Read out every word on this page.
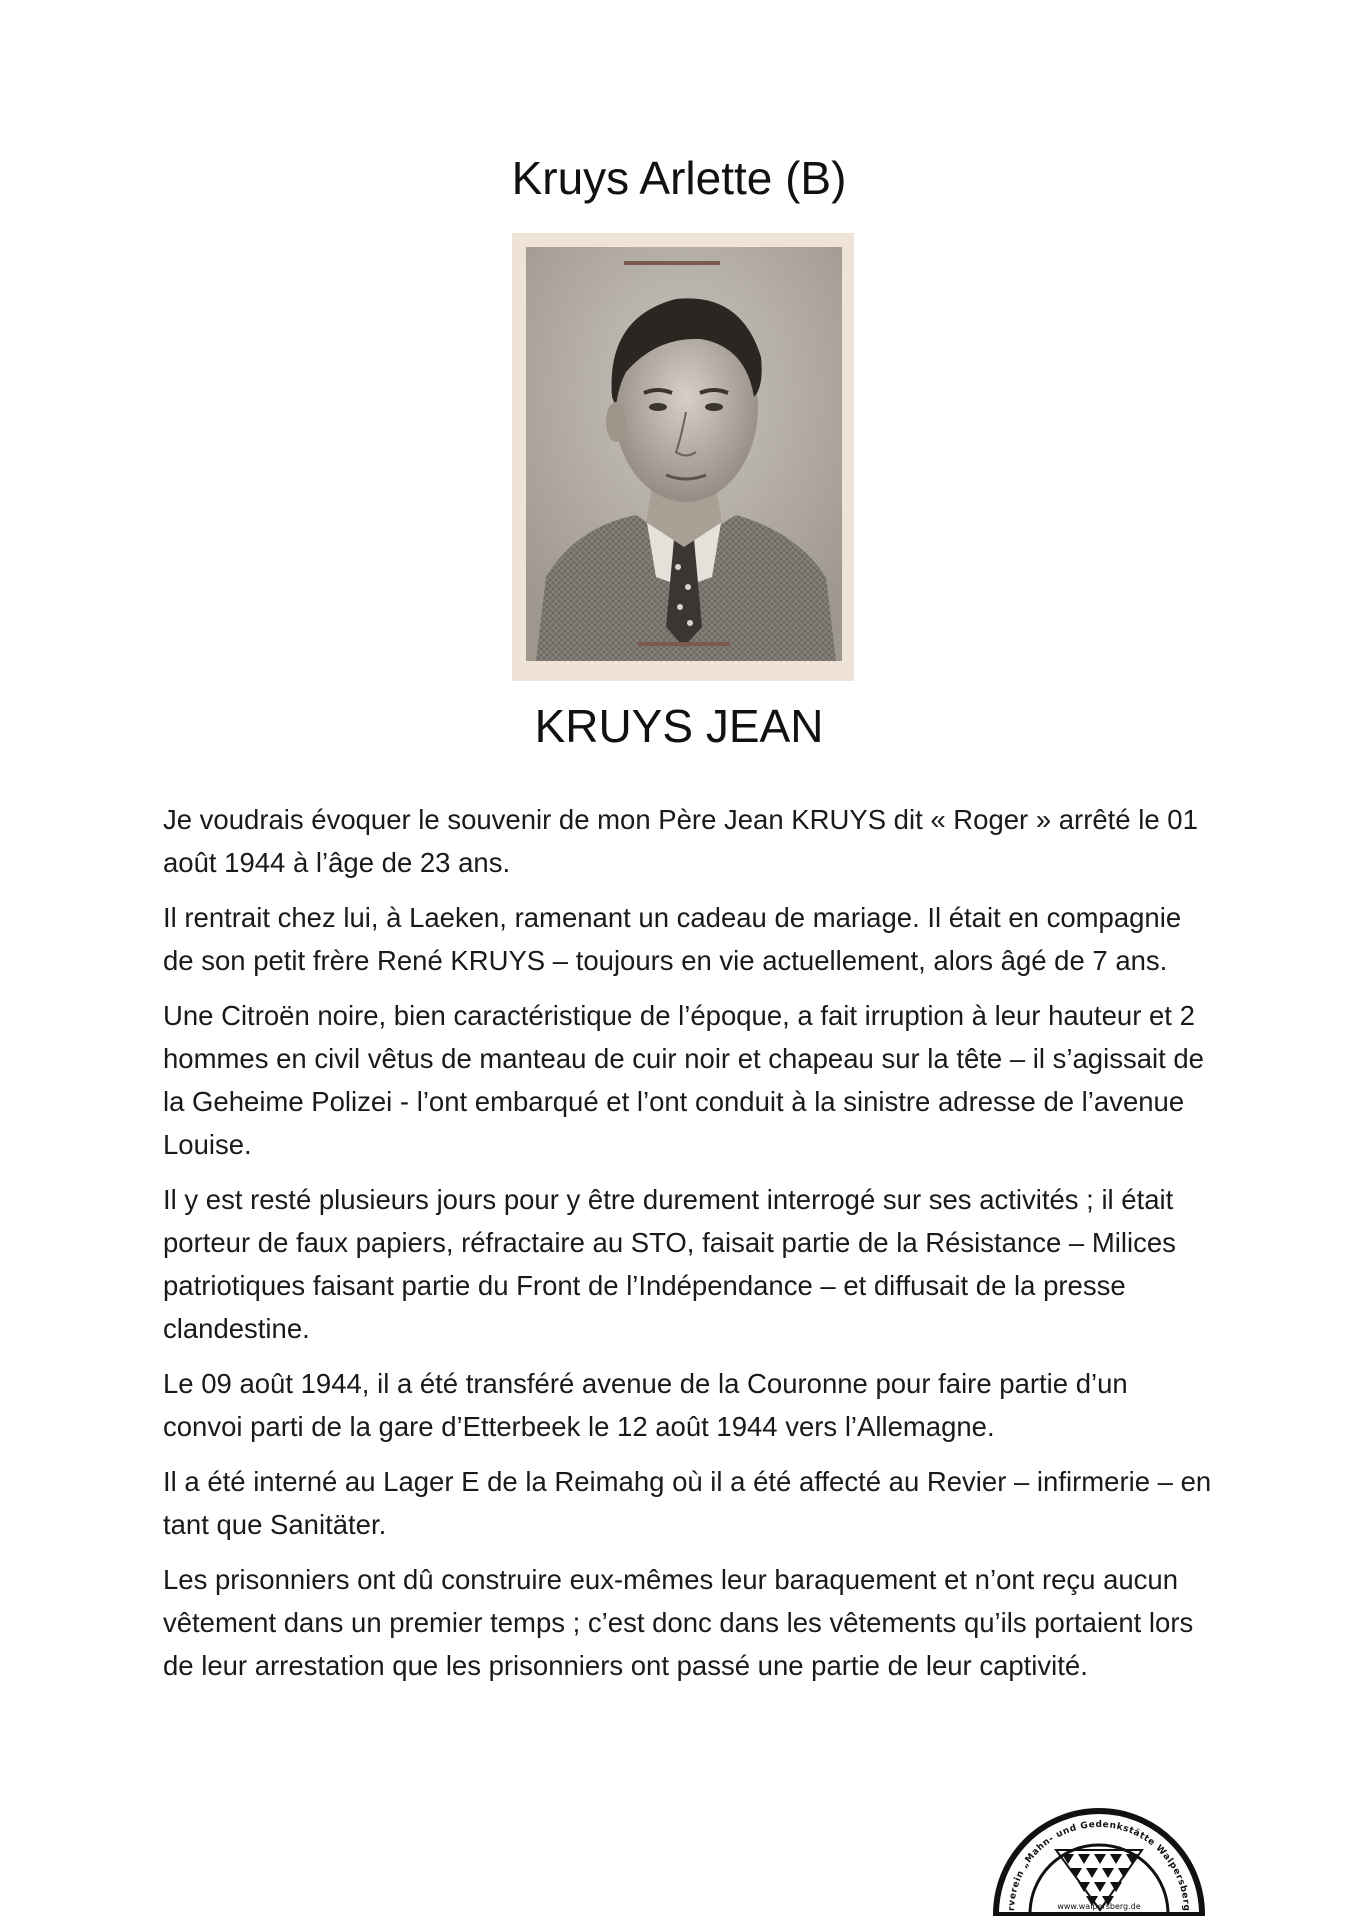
Kruys Arlette (B)
KRUYS JEAN

Je voudrais évoquer le souvenir de mon Père Jean KRUYS dit « Roger » arrêté le 01 août 1944 à l’âge de 23 ans.

Il rentrait chez lui, à Laeken, ramenant un cadeau de mariage. Il était en compagnie de son petit frère René KRUYS – toujours en vie actuellement, alors âgé de 7 ans.

Une Citroën noire, bien caractéristique de l’époque, a fait irruption à leur hauteur et 2 hommes en civil vêtus de manteau de cuir noir et chapeau sur la tête – il s’agissait de la Geheime Polizei - l’ont embarqué et l’ont conduit à la sinistre adresse de l’avenue Louise.

Il y est resté plusieurs jours pour y être durement interrogé sur ses activités ; il était porteur de faux papiers, réfractaire au STO, faisait partie de la Résistance – Milices patriotiques faisant partie du Front de l’Indépendance – et diffusait de la presse clandestine.

Le 09 août 1944, il a été transféré avenue de la Couronne pour faire partie d’un convoi parti de la gare d’Etterbeek le 12 août 1944 vers l’Allemagne.

Il a été interné au Lager E de la Reimahg où il a été affecté au Revier – infirmerie – en tant que Sanitäter.

Les prisonniers ont dû construire eux-mêmes leur baraquement et n’ont reçu aucun vêtement dans un premier temps ; c’est donc dans les vêtements qu’ils portaient lors de leur arrestation que les prisonniers ont passé une partie de leur captivité.

rverein „Mahn- und Gedenkstätte Walpersberg
www.walpersberg.de
